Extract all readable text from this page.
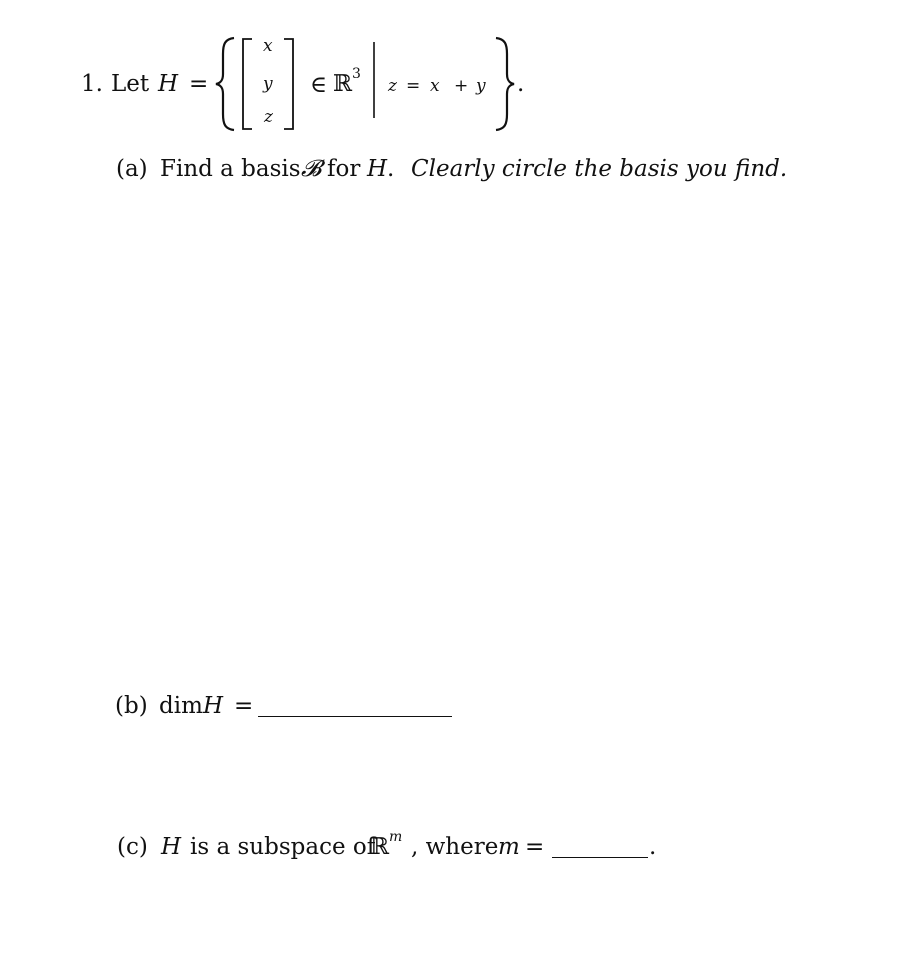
1. Let H =
x
y
z
∈ ℝ 3
z = x + y .
(a) Find a basis 𝓑 for H . Clearly circle the basis you find.
(b) dim H =
(c) H is a subspace of
ℝ m , where m =	.
